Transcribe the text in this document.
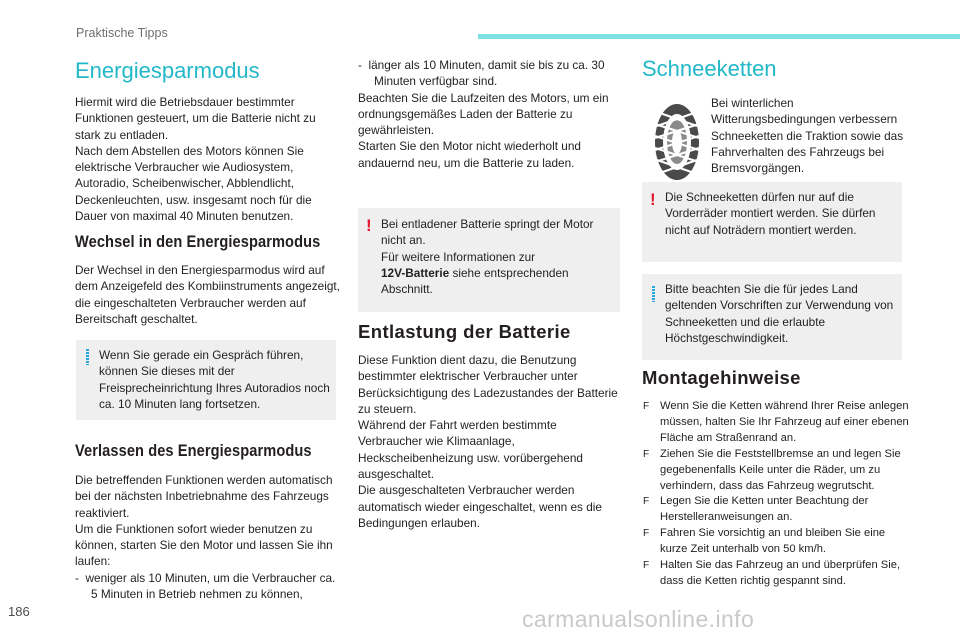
Praktische Tipps
Energiesparmodus

Hiermit wird die Betriebsdauer bestimmter Funktionen gesteuert, um die Batterie nicht zu stark zu entladen.

Nach dem Abstellen des Motors können Sie elektrische Verbraucher wie Audiosystem, Autoradio, Scheibenwischer, Abblendlicht, Deckenleuchten, usw. insgesamt noch für die Dauer von maximal 40 Minuten benutzen.

Wechsel in den Energiesparmodus

Der Wechsel in den Energiesparmodus wird auf dem Anzeigefeld des Kombiinstruments angezeigt, die eingeschalteten Verbraucher werden auf Bereitschaft geschaltet.

Wenn Sie gerade ein Gespräch führen, können Sie dieses mit der Freisprecheinrichtung Ihres Autoradios noch ca. 10 Minuten lang fortsetzen.
Verlassen des Energiesparmodus

Die betreffenden Funktionen werden automatisch bei der nächsten Inbetriebnahme des Fahrzeugs reaktiviert.

Um die Funktionen sofort wieder benutzen zu können, starten Sie den Motor und lassen Sie ihn laufen:

-  weniger als 10 Minuten, um die Verbraucher ca. 5 Minuten in Betrieb nehmen zu können,

-  länger als 10 Minuten, damit sie bis zu ca. 30 Minuten verfügbar sind.

Beachten Sie die Laufzeiten des Motors, um ein ordnungsgemäßes Laden der Batterie zu gewährleisten.

Starten Sie den Motor nicht wiederholt und andauernd neu, um die Batterie zu laden.

! Bei entladener Batterie springt der Motor nicht an.
Für weitere Informationen zur
12V-Batterie siehe entsprechenden Abschnitt.
Entlastung der Batterie

Diese Funktion dient dazu, die Benutzung bestimmter elektrischer Verbraucher unter Berücksichtigung des Ladezustandes der Batterie zu steuern.

Während der Fahrt werden bestimmte Verbraucher wie Klimaanlage, Heckscheibenheizung usw. vorübergehend ausgeschaltet.

Die ausgeschalteten Verbraucher werden automatisch wieder eingeschaltet, wenn es die Bedingungen erlauben.

Schneeketten

Bei winterlichen Witterungsbedingungen verbessern Schneeketten die Traktion sowie das Fahrverhalten des Fahrzeugs bei Bremsvorgängen.

! Die Schneeketten dürfen nur auf die Vorderräder montiert werden. Sie dürfen nicht auf Noträdern montiert werden.
Bitte beachten Sie die für jedes Land geltenden Vorschriften zur Verwendung von Schneeketten und die erlaubte Höchstgeschwindigkeit.
Montagehinweise

F Wenn Sie die Ketten während Ihrer Reise anlegen müssen, halten Sie Ihr Fahrzeug auf einer ebenen Fläche am Straßenrand an.

F Ziehen Sie die Feststellbremse an und legen Sie gegebenenfalls Keile unter die Räder, um zu verhindern, dass das Fahrzeug wegrutscht.

F Legen Sie die Ketten unter Beachtung der Herstelleranweisungen an.

F Fahren Sie vorsichtig an und bleiben Sie eine kurze Zeit unterhalb von 50 km/h.

F Halten Sie das Fahrzeug an und überprüfen Sie, dass die Ketten richtig gespannt sind.

186	carmanualsonline.info
